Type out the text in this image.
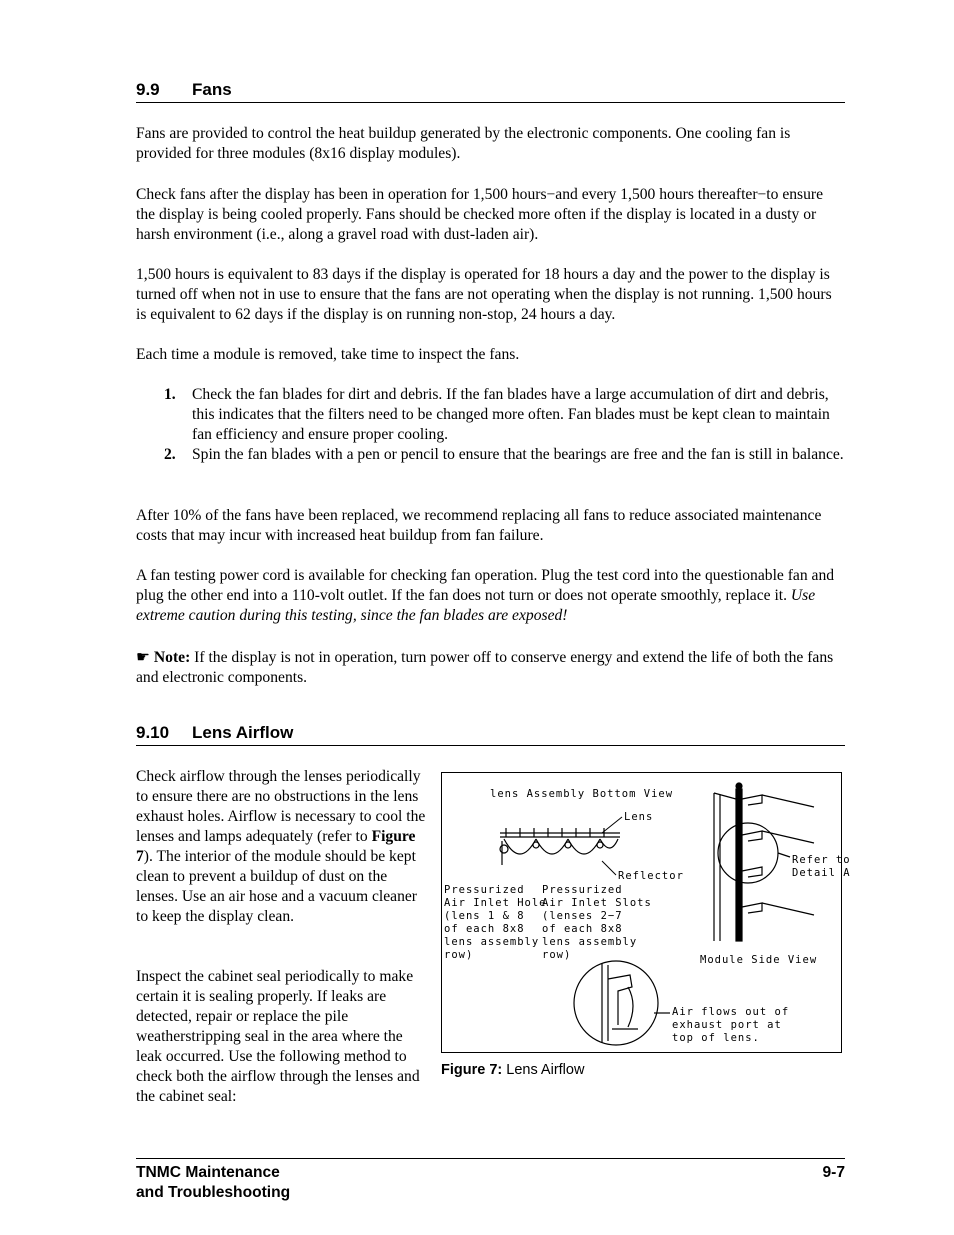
9.9 Fans

Fans are provided to control the heat buildup generated by the electronic components. One cooling fan is provided for three modules (8x16 display modules).

Check fans after the display has been in operation for 1,500 hours−and every 1,500 hours thereafter−to ensure the display is being cooled properly. Fans should be checked more often if the display is located in a dusty or harsh environment (i.e., along a gravel road with dust-laden air).

1,500 hours is equivalent to 83 days if the display is operated for 18 hours a day and the power to the display is turned off when not in use to ensure that the fans are not operating when the display is not running. 1,500 hours is equivalent to 62 days if the display is on running non-stop, 24 hours a day.

Each time a module is removed, take time to inspect the fans.

1. Check the fan blades for dirt and debris. If the fan blades have a large accumulation of dirt and debris, this indicates that the filters need to be changed more often. Fan blades must be kept clean to maintain fan efficiency and ensure proper cooling.
2. Spin the fan blades with a pen or pencil to ensure that the bearings are free and the fan is still in balance.

After 10% of the fans have been replaced, we recommend replacing all fans to reduce associated maintenance costs that may incur with increased heat buildup from fan failure.

A fan testing power cord is available for checking fan operation. Plug the test cord into the questionable fan and plug the other end into a 110-volt outlet. If the fan does not turn or does not operate smoothly, replace it. Use extreme caution during this testing, since the fan blades are exposed!

☛ Note: If the display is not in operation, turn power off to conserve energy and extend the life of both the fans and electronic components.

9.10 Lens Airflow

Check airflow through the lenses periodically to ensure there are no obstructions in the lens exhaust holes. Airflow is necessary to cool the lenses and lamps adequately (refer to Figure 7). The interior of the module should be kept clean to prevent a buildup of dust on the lenses. Use an air hose and a vacuum cleaner to keep the display clean.

Inspect the cabinet seal periodically to make certain it is sealing properly. If leaks are detected, repair or replace the pile weatherstripping seal in the area where the leak occurred. Use the following method to check both the airflow through the lenses and the cabinet seal:

lens Assembly Bottom View
Lens
Reflector
Pressurized Air Inlet Hole (lens 1 & 8 of each 8x8 lens assembly row)
Pressurized Air Inlet Slots (lenses 2−7 of each 8x8 lens assembly row)
Refer to Detail A
Module Side View
Air flows out of exhaust port at top of lens.
Figure 7: Lens Airflow
TNMC Maintenance
and Troubleshooting
9-7
